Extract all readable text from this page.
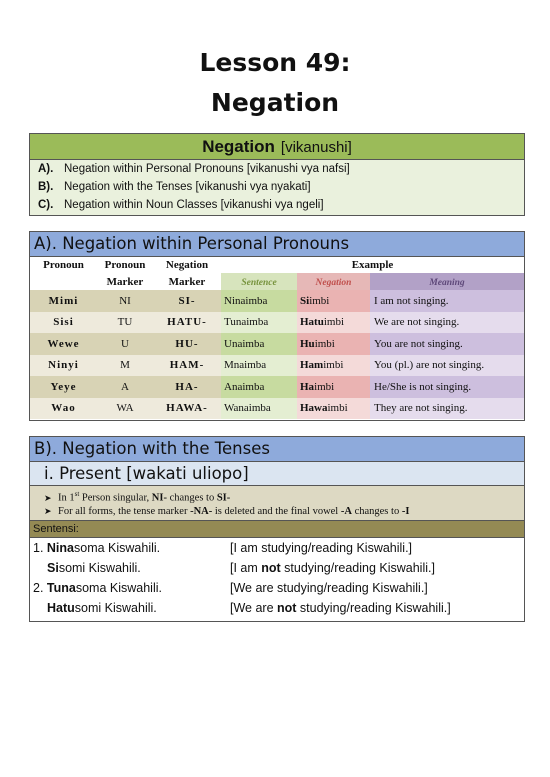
Lesson 49:
Negation
Negation [vikanushi]
A). Negation within Personal Pronouns [vikanushi vya nafsi]
B). Negation with the Tenses [vikanushi vya nyakati]
C). Negation within Noun Classes [vikanushi vya ngeli]
A). Negation within Personal Pronouns
Pronoun	Pronoun	Negation	Example		
	Marker	Marker	Sentence	Negation	Meaning
Mimi	NI	SI-	Ninaimba	Siimbi	I am not singing.
Sisi	TU	HATU-	Tunaimba	Hatuimbi	We are not singing.
Wewe	U	HU-	Unaimba	Huimbi	You are not singing.
Ninyi	M	HAM-	Mnaimba	Hamimbi	You (pl.) are not singing.
Yeye	A	HA-	Anaimba	Haimbi	He/She is not singing.
Wao	WA	HAWA-	Wanaimba	Hawaimbi	They are not singing.
B). Negation with the Tenses
i. Present [wakati uliopo]
➤ In 1st Person singular, NI- changes to SI-
➤ For all forms, the tense marker -NA- is deleted and the final vowel -A changes to -I
Sentensi:
1. Ninasoma Kiswahili.	[I am studying/reading Kiswahili.]
Sisomi Kiswahili.	[I am not studying/reading Kiswahili.]
2. Tunasoma Kiswahili.	[We are studying/reading Kiswahili.]
Hatusomi Kiswahili.	[We are not studying/reading Kiswahili.]
